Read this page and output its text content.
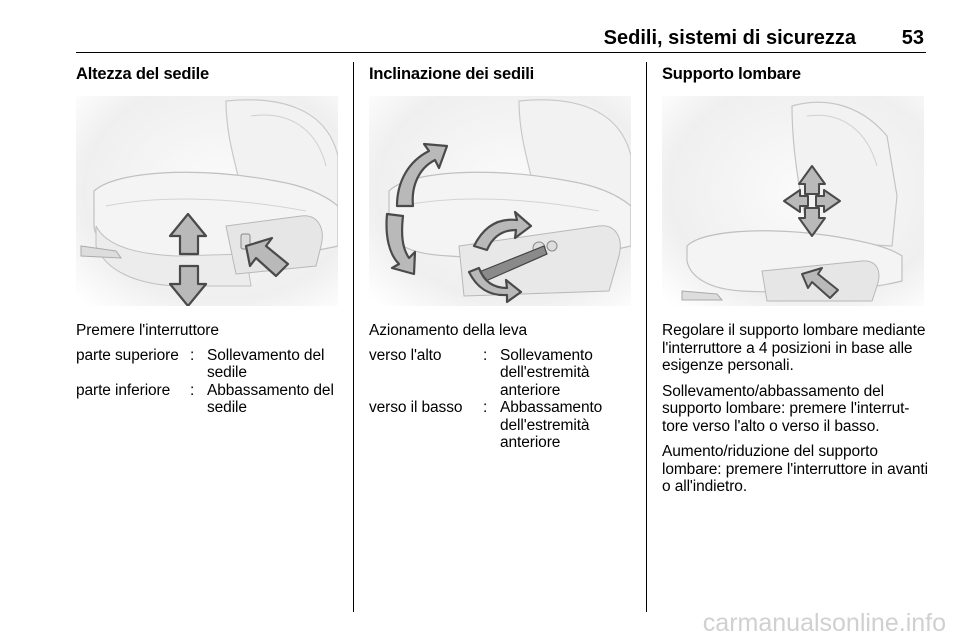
Sedili, sistemi di sicurezza 53
Altezza del sedile

Premere l'interruttore

parte superiore : Sollevamento del sedile
parte inferiore	: Abbassamento del sedile
Inclinazione dei sedili

Azionamento della leva

verso l'alto	: Sollevamento dell'estremità anteriore
verso il basso	: Abbassamento dell'estremità anteriore
Supporto lombare

Regolare il supporto lombare mediante l'interruttore a 4 posizioni in base alle esigenze personali.

Sollevamento/abbassamento del supporto lombare: premere l'interrut-tore verso l'alto o verso il basso.

Aumento/riduzione del supporto lombare: premere l'interruttore in avanti o all'indietro.

carmanualsonline.info
